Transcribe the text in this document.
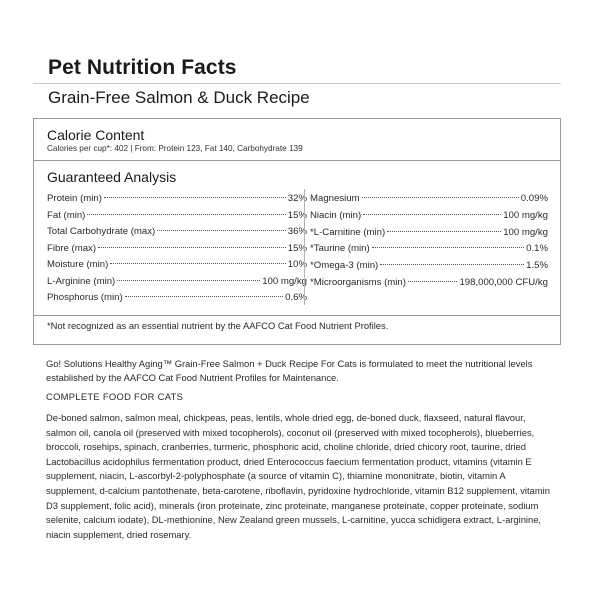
Pet Nutrition Facts
Grain-Free Salmon & Duck Recipe
Calorie Content
Calories per cup*: 402 | From: Protein 123, Fat 140, Carbohydrate 139
Guaranteed Analysis
Protein (min)	32%
Fat (min)	15%
Total Carbohydrate (max)	36%
Fibre (max)	15%
Moisture (min)	10%
L-Arginine (min)	100 mg/kg
Phosphorus (min)	0.6%
Magnesium	0.09%
Niacin (min)	100 mg/kg
*L-Carnitine (min)	100 mg/kg
*Taurine (min)	0.1%
*Omega-3 (min)	1.5%
*Microorganisms (min)	198,000,000 CFU/kg
*Not recognized as an essential nutrient by the AAFCO Cat Food Nutrient Profiles.
Go! Solutions Healthy Aging™ Grain-Free Salmon + Duck Recipe For Cats is formulated to meet the nutritional levels established by the AAFCO Cat Food Nutrient Profiles for Maintenance.
COMPLETE FOOD FOR CATS
De-boned salmon, salmon meal, chickpeas, peas, lentils, whole dried egg, de-boned duck, flaxseed, natural flavour, salmon oil, canola oil (preserved with mixed tocopherols), coconut oil (preserved with mixed tocopherols), blueberries, broccoli, rosehips, spinach, cranberries, turmeric, phosphoric acid, choline chloride, dried chicory root, taurine, dried Lactobacillus acidophilus fermentation product, dried Enterococcus faecium fermentation product, vitamins (vitamin E supplement, niacin, L-ascorbyl-2-polyphosphate (a source of vitamin C), thiamine mononitrate, biotin, vitamin A supplement, d-calcium pantothenate, beta-carotene, riboflavin, pyridoxine hydrochloride, vitamin B12 supplement, vitamin D3 supplement, folic acid), minerals (iron proteinate, zinc proteinate, manganese proteinate, copper proteinate, sodium selenite, calcium iodate), DL-methionine, New Zealand green mussels, L-carnitine, yucca schidigera extract, L-arginine, niacin supplement, dried rosemary.
